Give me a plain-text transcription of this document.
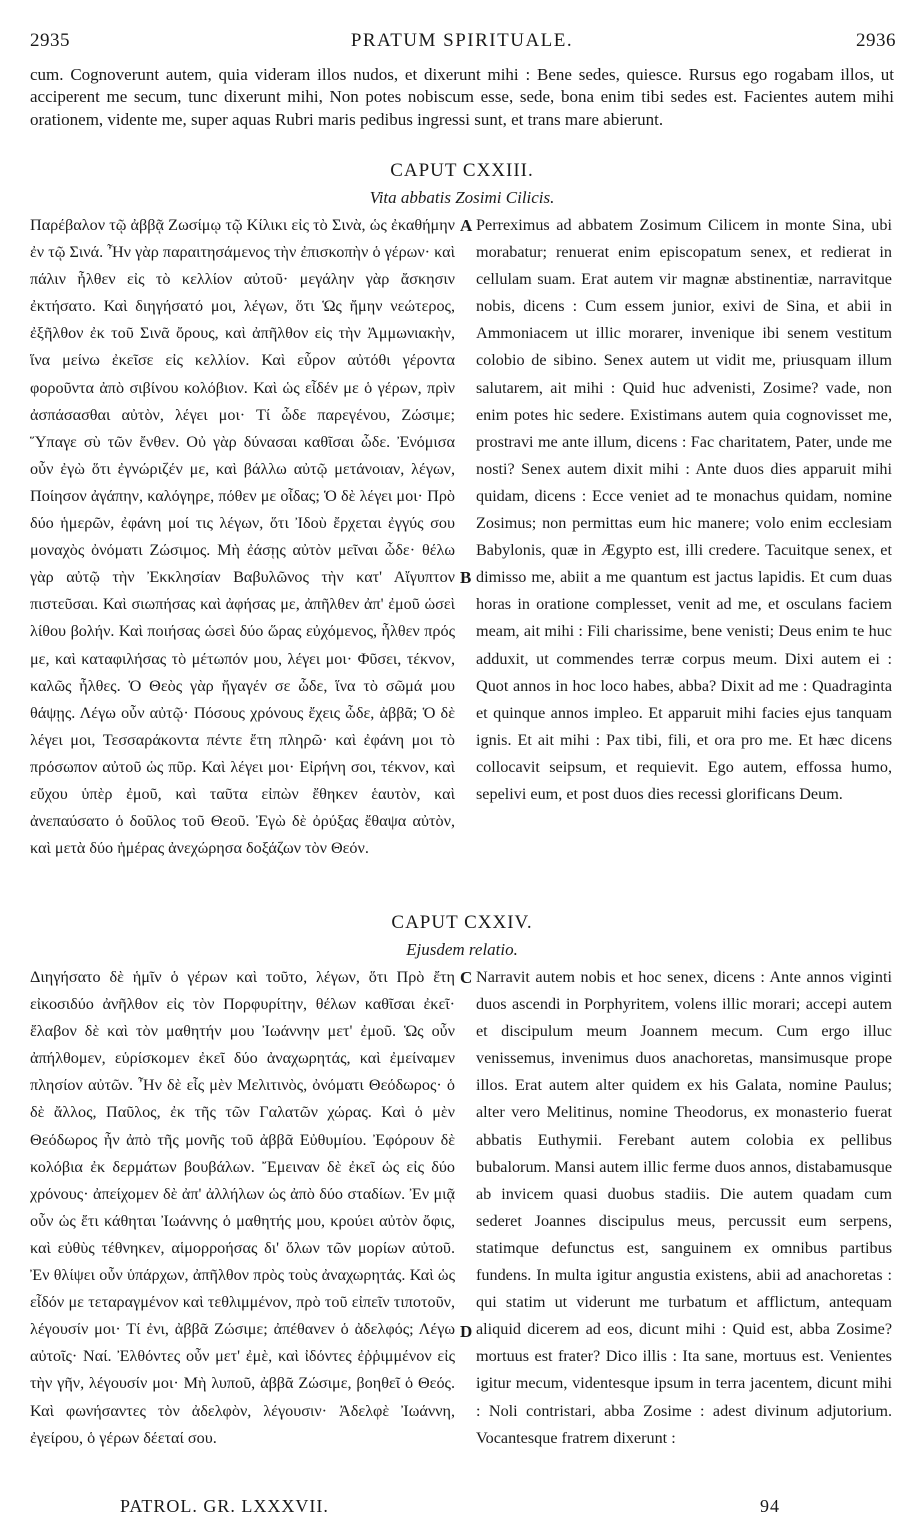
2935	PRATUM SPIRITUALE.	2936
cum. Cognoverunt autem, quia videram illos nudos, et dixerunt mihi : Bene sedes, quiesce. Rursus ego rogabam illos, ut acciperent me secum, tunc dixerunt mihi, Non potes nobiscum esse, sede, bona enim tibi sedes est. Facientes autem mihi orationem, vidente me, super aquas Rubri maris pedibus ingressi sunt, et trans mare abierunt.
CAPUT CXXIII.
Vita abbatis Zosimi Cilicis.

Παρέβαλον τῷ ἀββᾷ Ζωσίμῳ τῷ Κίλικι εἰς τὸ Σινὰ, ὡς ἐκαθήμην ἐν τῷ Σινά. Ἦν γὰρ παραιτησάμενος τὴν ἐπισκοπὴν ὁ γέρων· καὶ πάλιν ἦλθεν εἰς τὸ κελλίον αὐτοῦ· μεγάλην γὰρ ἄσκησιν ἐκτήσατο. Καὶ διηγήσατό μοι, λέγων, ὅτι Ὡς ἤμην νεώτερος, ἐξῆλθον ἐκ τοῦ Σινᾶ ὄρους, καὶ ἀπῆλθον εἰς τὴν Ἀμμωνιακὴν, ἵνα μείνω ἐκεῖσε εἰς κελλίον. Καὶ εὗρον αὐτόθι γέροντα φοροῦντα ἀπὸ σιβίνου κολόβιον. Καὶ ὡς εἶδέν με ὁ γέρων, πρὶν ἀσπάσασθαι αὐτὸν, λέγει μοι· Τί ὧδε παρεγένου, Ζώσιμε; Ὕπαγε σὺ τῶν ἔνθεν. Οὐ γὰρ δύνασαι καθῖσαι ὧδε. Ἐνόμισα οὖν ἐγὼ ὅτι ἐγνώριζέν με, καὶ βάλλω αὐτῷ μετάνοιαν, λέγων, Ποίησον ἀγάπην, καλόγηρε, πόθεν με οἶδας; Ὁ δὲ λέγει μοι· Πρὸ δύο ἡμερῶν, ἐφάνη μοί τις λέγων, ὅτι Ἰδοὺ ἔρχεται ἐγγύς σου μοναχὸς ὀνόματι Ζώσιμος. Μὴ ἐάσῃς αὐτὸν μεῖναι ὧδε· θέλω γὰρ αὐτῷ τὴν Ἐκκλησίαν Βαβυλῶνος τὴν κατ' Αἴγυπτον πιστεῦσαι. Καὶ σιωπήσας καὶ ἀφήσας με, ἀπῆλθεν ἀπ' ἐμοῦ ὡσεὶ λίθου βολήν. Καὶ ποιήσας ὡσεὶ δύο ὥρας εὐχόμενος, ἦλθεν πρός με, καὶ καταφιλήσας τὸ μέτωπόν μου, λέγει μοι· Φῦσει, τέκνον, καλῶς ἦλθες. Ὁ Θεὸς γὰρ ἤγαγέν σε ὧδε, ἵνα τὸ σῶμά μου θάψῃς. Λέγω οὖν αὐτῷ· Πόσους χρόνους ἔχεις ὧδε, ἀββᾶ; Ὁ δὲ λέγει μοι, Τεσσαράκοντα πέντε ἔτη πληρῶ· καὶ ἐφάνη μοι τὸ πρόσωπον αὐτοῦ ὡς πῦρ. Καὶ λέγει μοι· Εἰρήνη σοι, τέκνον, καὶ εὔχου ὑπὲρ ἐμοῦ, καὶ ταῦτα εἰπὼν ἔθηκεν ἑαυτὸν, καὶ ἀνεπαύσατο ὁ δοῦλος τοῦ Θεοῦ. Ἐγὼ δὲ ὀρύξας ἔθαψα αὐτὸν, καὶ μετὰ δύο ἡμέρας ἀνεχώρησα δοξάζων τὸν Θεόν.

Perreximus ad abbatem Zosimum Cilicem in monte Sina, ubi morabatur; renuerat enim episcopatum senex, et redierat in cellulam suam. Erat autem vir magnæ abstinentiæ, narravitque nobis, dicens : Cum essem junior, exivi de Sina, et abii in Ammoniacem ut illic morarer, invenique ibi senem vestitum colobio de sibino. Senex autem ut vidit me, priusquam illum salutarem, ait mihi : Quid huc advenisti, Zosime? vade, non enim potes hic sedere. Existimans autem quia cognovisset me, prostravi me ante illum, dicens : Fac charitatem, Pater, unde me nosti? Senex autem dixit mihi : Ante duos dies apparuit mihi quidam, dicens : Ecce veniet ad te monachus quidam, nomine Zosimus; non permittas eum hic manere; volo enim ecclesiam Babylonis, quæ in Ægypto est, illi credere. Tacuitque senex, et dimisso me, abiit a me quantum est jactus lapidis. Et cum duas horas in oratione complesset, venit ad me, et osculans faciem meam, ait mihi : Fili charissime, bene venisti; Deus enim te huc adduxit, ut commendes terræ corpus meum. Dixi autem ei : Quot annos in hoc loco habes, abba? Dixit ad me : Quadraginta et quinque annos impleo. Et apparuit mihi facies ejus tanquam ignis. Et ait mihi : Pax tibi, fili, et ora pro me. Et hæc dicens collocavit seipsum, et requievit. Ego autem, effossa humo, sepelivi eum, et post duos dies recessi glorificans Deum.

A
B
CAPUT CXXIV.
Ejusdem relatio.

Διηγήσατο δὲ ἡμῖν ὁ γέρων καὶ τοῦτο, λέγων, ὅτι Πρὸ ἔτη εἰκοσιδύο ἀνῆλθον εἰς τὸν Πορφυρίτην, θέλων καθῖσαι ἐκεῖ· ἔλαβον δὲ καὶ τὸν μαθητήν μου Ἰωάννην μετ' ἐμοῦ. Ὡς οὖν ἀπήλθομεν, εὑρίσκομεν ἐκεῖ δύο ἀναχωρητάς, καὶ ἐμείναμεν πλησίον αὐτῶν. Ἦν δὲ εἷς μὲν Μελιτινὸς, ὀνόματι Θεόδωρος· ὁ δὲ ἄλλος, Παῦλος, ἐκ τῆς τῶν Γαλατῶν χώρας. Καὶ ὁ μὲν Θεόδωρος ἦν ἀπὸ τῆς μονῆς τοῦ ἀββᾶ Εὐθυμίου. Ἐφόρουν δὲ κολόβια ἐκ δερμάτων βουβάλων. Ἔμειναν δὲ ἐκεῖ ὡς εἰς δύο χρόνους· ἀπείχομεν δὲ ἀπ' ἀλλήλων ὡς ἀπὸ δύο σταδίων. Ἐν μιᾷ οὖν ὡς ἔτι κάθηται Ἰωάννης ὁ μαθητής μου, κρούει αὐτὸν ὄφις, καὶ εὐθὺς τέθνηκεν, αἱμορροήσας δι' ὅλων τῶν μορίων αὐτοῦ. Ἐν θλίψει οὖν ὑπάρχων, ἀπῆλθον πρὸς τοὺς ἀναχωρητάς. Καὶ ὡς εἶδόν με τεταραγμένον καὶ τεθλιμμένον, πρὸ τοῦ εἰπεῖν τιποτοῦν, λέγουσίν μοι· Τί ἐνι, ἀββᾶ Ζώσιμε; ἀπέθανεν ὁ ἀδελφός; Λέγω αὐτοῖς· Ναί. Ἐλθόντες οὖν μετ' ἐμὲ, καὶ ἰδόντες ἐῤῥιμμένον εἰς τὴν γῆν, λέγουσίν μοι· Μὴ λυποῦ, ἀββᾶ Ζώσιμε, βοηθεῖ ὁ Θεός. Καὶ φωνήσαντες τὸν ἀδελφὸν, λέγουσιν· Ἀδελφὲ Ἰωάννη, ἐγείρου, ὁ γέρων δέεταί σου.

Narravit autem nobis et hoc senex, dicens : Ante annos viginti duos ascendi in Porphyritem, volens illic morari; accepi autem et discipulum meum Joannem mecum. Cum ergo illuc venissemus, invenimus duos anachoretas, mansimusque prope illos. Erat autem alter quidem ex his Galata, nomine Paulus; alter vero Melitinus, nomine Theodorus, ex monasterio fuerat abbatis Euthymii. Ferebant autem colobia ex pellibus bubalorum. Mansi autem illic ferme duos annos, distabamusque ab invicem quasi duobus stadiis. Die autem quadam cum sederet Joannes discipulus meus, percussit eum serpens, statimque defunctus est, sanguinem ex omnibus partibus fundens. In multa igitur angustia existens, abii ad anachoretas : qui statim ut viderunt me turbatum et afflictum, antequam aliquid dicerem ad eos, dicunt mihi : Quid est, abba Zosime? mortuus est frater? Dico illis : Ita sane, mortuus est. Venientes igitur mecum, videntesque ipsum in terra jacentem, dicunt mihi : Noli contristari, abba Zosime : adest divinum adjutorium. Vocantesque fratrem dixerunt :

C
D
PATROL. GR. LXXXVII.	94
